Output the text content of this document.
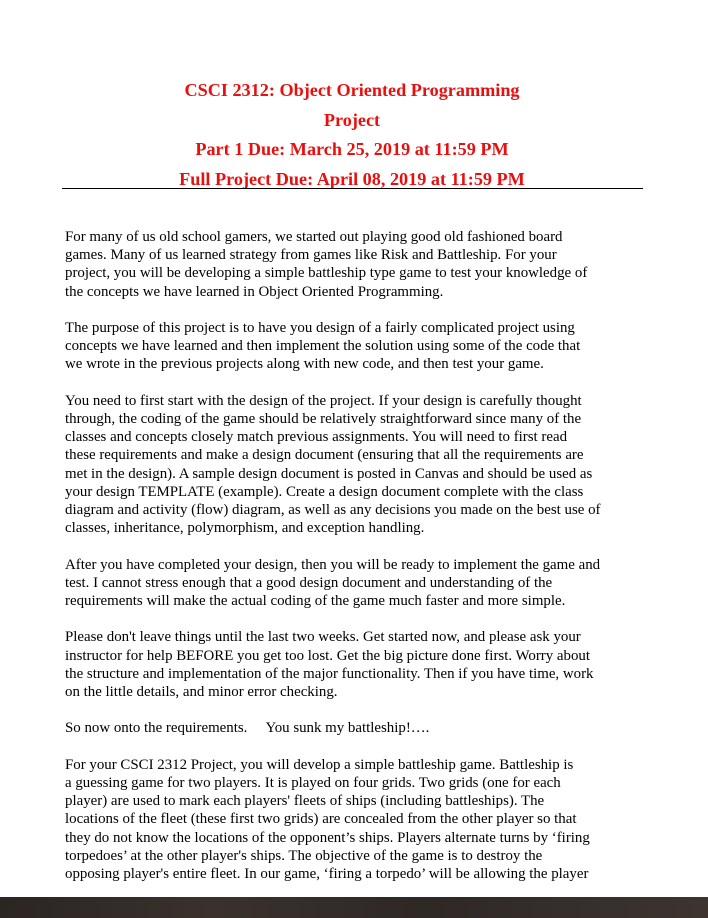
CSCI 2312: Object Oriented Programming
Project
Part 1 Due: March 25, 2019 at 11:59 PM
Full Project Due: April 08, 2019 at 11:59 PM

For many of us old school gamers, we started out playing good old fashioned board
games. Many of us learned strategy from games like Risk and Battleship. For your
project, you will be developing a simple battleship type game to test your knowledge of
the concepts we have learned in Object Oriented Programming.

The purpose of this project is to have you design of a fairly complicated project using
concepts we have learned and then implement the solution using some of the code that
we wrote in the previous projects along with new code, and then test your game.

You need to first start with the design of the project. If your design is carefully thought
through, the coding of the game should be relatively straightforward since many of the
classes and concepts closely match previous assignments. You will need to first read
these requirements and make a design document (ensuring that all the requirements are
met in the design). A sample design document is posted in Canvas and should be used as
your design TEMPLATE (example). Create a design document complete with the class
diagram and activity (flow) diagram, as well as any decisions you made on the best use of
classes, inheritance, polymorphism, and exception handling.

After you have completed your design, then you will be ready to implement the game and
test. I cannot stress enough that a good design document and understanding of the
requirements will make the actual coding of the game much faster and more simple.

Please don't leave things until the last two weeks. Get started now, and please ask your
instructor for help BEFORE you get too lost. Get the big picture done first. Worry about
the structure and implementation of the major functionality. Then if you have time, work
on the little details, and minor error checking.

So now onto the requirements.     You sunk my battleship!….

For your CSCI 2312 Project, you will develop a simple battleship game. Battleship is
a guessing game for two players. It is played on four grids. Two grids (one for each
player) are used to mark each players' fleets of ships (including battleships). The
locations of the fleet (these first two grids) are concealed from the other player so that
they do not know the locations of the opponent’s ships. Players alternate turns by ‘firing
torpedoes’ at the other player's ships. The objective of the game is to destroy the
opposing player's entire fleet. In our game, ‘firing a torpedo’ will be allowing the player
